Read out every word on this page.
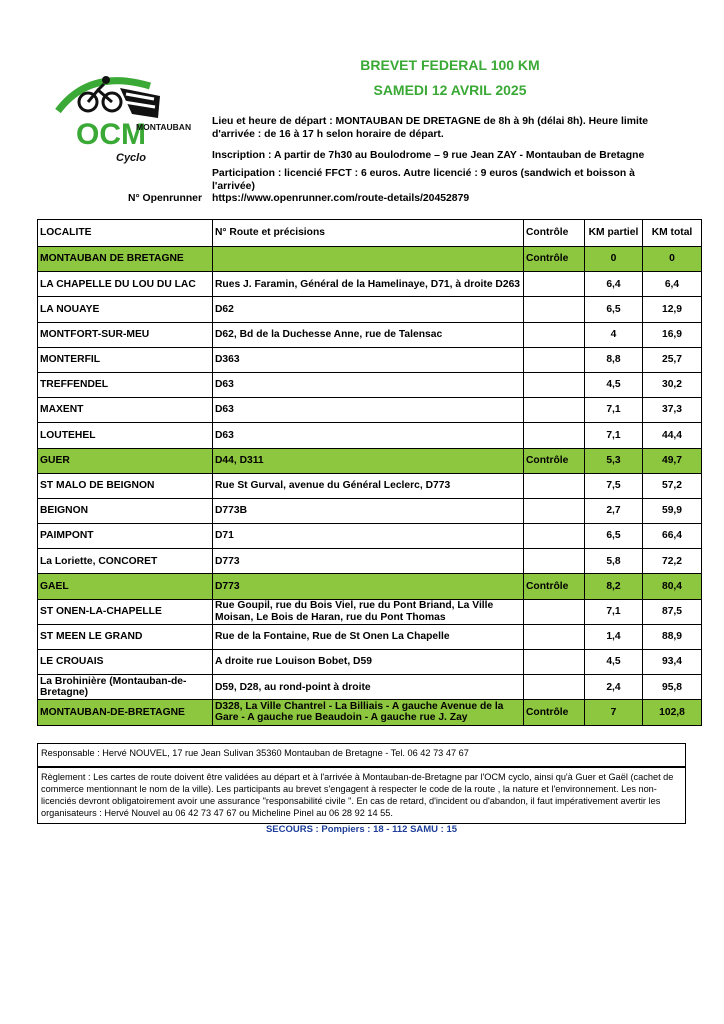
OCM
MONTAUBAN
Cyclo
BREVET FEDERAL 100 KM
SAMEDI 12 AVRIL 2025
Lieu et heure de départ : MONTAUBAN DE DRETAGNE de 8h à 9h (délai 8h). Heure limite d'arrivée : de 16 à 17 h selon horaire de départ.
Inscription : A partir de 7h30 au Boulodrome – 9 rue Jean ZAY - Montauban de Bretagne
Participation : licencié FFCT : 6 euros. Autre licencié : 9 euros (sandwich et boisson à l'arrivée)
N° Openrunner https://www.openrunner.com/route-details/20452879
LOCALITE	N° Route et précisions	Contrôle	KM partiel	KM total
MONTAUBAN DE BRETAGNE		Contrôle	0	0
LA CHAPELLE DU LOU DU LAC	Rues J. Faramin, Général de la Hamelinaye, D71, à droite D263		6,4	6,4
LA NOUAYE	D62		6,5	12,9
MONTFORT-SUR-MEU	D62, Bd de la Duchesse Anne, rue de Talensac		4	16,9
MONTERFIL	D363		8,8	25,7
TREFFENDEL	D63		4,5	30,2
MAXENT	D63		7,1	37,3
LOUTEHEL	D63		7,1	44,4
GUER	D44, D311	Contrôle	5,3	49,7
ST MALO DE BEIGNON	Rue St Gurval, avenue du Général Leclerc, D773		7,5	57,2
BEIGNON	D773B		2,7	59,9
PAIMPONT	D71		6,5	66,4
La Loriette, CONCORET	D773		5,8	72,2
GAEL	D773	Contrôle	8,2	80,4
ST ONEN-LA-CHAPELLE	Rue Goupil, rue du Bois Viel, rue du Pont Briand, La Ville Moisan, Le Bois de Haran, rue du Pont Thomas		7,1	87,5
ST MEEN LE GRAND	Rue de la Fontaine, Rue de St Onen La Chapelle		1,4	88,9
LE CROUAIS	A droite rue Louison Bobet, D59		4,5	93,4
La Brohinière (Montauban-de-Bretagne)	D59, D28, au rond-point à droite		2,4	95,8
MONTAUBAN-DE-BRETAGNE	D328, La Ville Chantrel - La Billiais - A gauche Avenue de la Gare - A gauche rue Beaudoin - A gauche rue J. Zay	Contrôle	7	102,8
Responsable : Hervé NOUVEL, 17 rue Jean Sulivan 35360 Montauban de Bretagne - Tel. 06 42 73 47 67
Règlement : Les cartes de route doivent être validées au départ et à l'arrivée à Montauban-de-Bretagne par l'OCM cyclo, ainsi qu'à Guer et Gaël (cachet de commerce mentionnant le nom de la ville). Les participants au brevet s'engagent à respecter le code de la route , la nature et l'environnement. Les non-licenciés devront obligatoirement avoir une assurance "responsabilité civile ". En cas de retard, d'incident ou d'abandon, il faut impérativement avertir les organisateurs : Hervé Nouvel au 06 42 73 47 67 ou Micheline Pinel au 06 28 92 14 55.
SECOURS : Pompiers : 18 - 112 SAMU : 15
